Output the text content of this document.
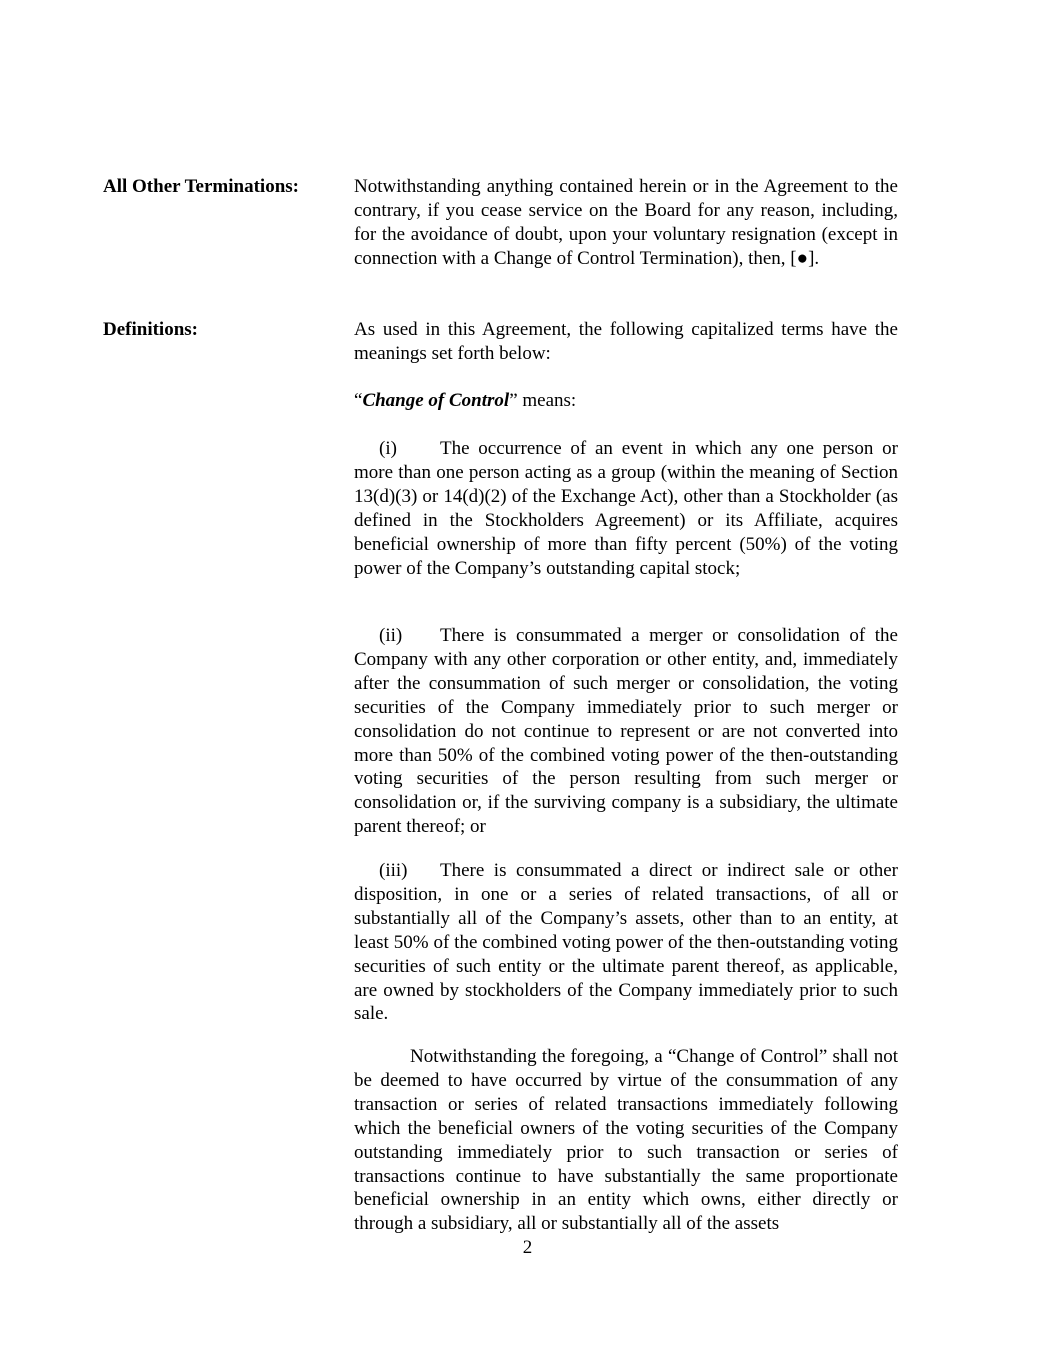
All Other Terminations:	Notwithstanding anything contained herein or in the Agreement to the contrary, if you cease service on the Board for any reason, including, for the avoidance of doubt, upon your voluntary resignation (except in connection with a Change of Control Termination), then, [●].

Definitions:	As used in this Agreement, the following capitalized terms have the meanings set forth below:

“Change of Control” means:

(i) The occurrence of an event in which any one person or more than one person acting as a group (within the meaning of Section 13(d)(3) or 14(d)(2) of the Exchange Act), other than a Stockholder (as defined in the Stockholders Agreement) or its Affiliate, acquires beneficial ownership of more than fifty percent (50%) of the voting power of the Company’s outstanding capital stock;

(ii) There is consummated a merger or consolidation of the Company with any other corporation or other entity, and, immediately after the consummation of such merger or consolidation, the voting securities of the Company immediately prior to such merger or consolidation do not continue to represent or are not converted into more than 50% of the combined voting power of the then-outstanding voting securities of the person resulting from such merger or consolidation or, if the surviving company is a subsidiary, the ultimate parent thereof; or

(iii) There is consummated a direct or indirect sale or other disposition, in one or a series of related transactions, of all or substantially all of the Company’s assets, other than to an entity, at least 50% of the combined voting power of the then-outstanding voting securities of such entity or the ultimate parent thereof, as applicable, are owned by stockholders of the Company immediately prior to such sale.

Notwithstanding the foregoing, a “Change of Control” shall not be deemed to have occurred by virtue of the consummation of any transaction or series of related transactions immediately following which the beneficial owners of the voting securities of the Company outstanding immediately prior to such transaction or series of transactions continue to have substantially the same proportionate beneficial ownership in an entity which owns, either directly or through a subsidiary, all or substantially all of the assets

2
